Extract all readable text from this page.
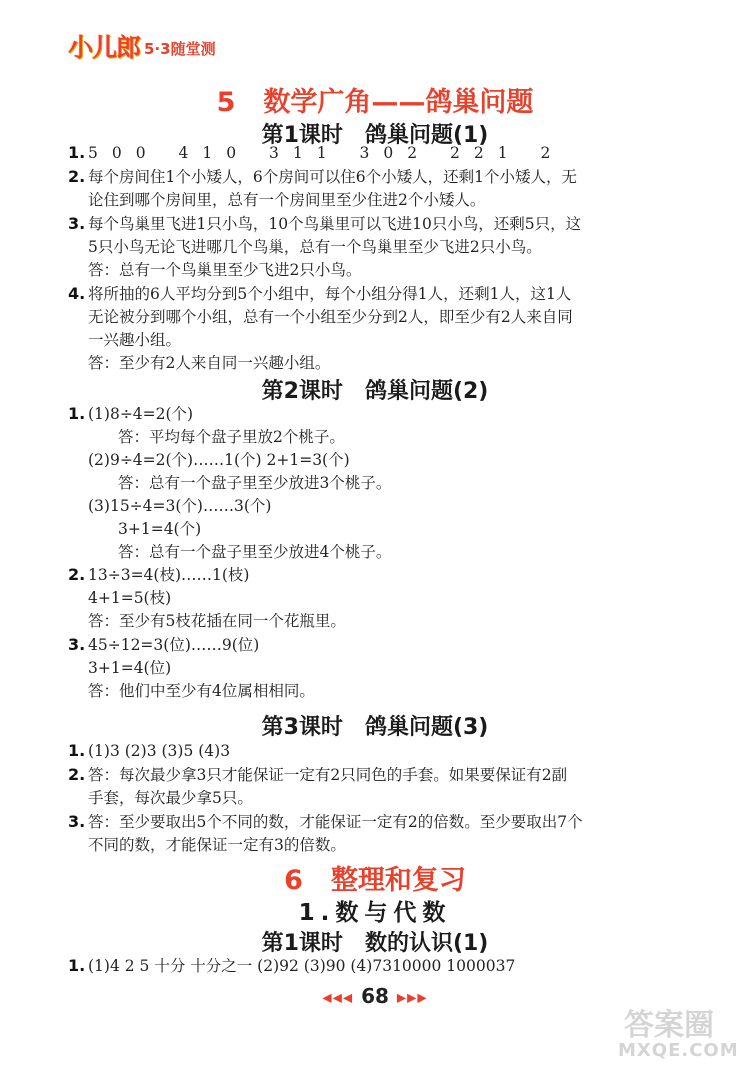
小儿郎 5·3随堂测
5 数学广角——鸽巢问题
第1课时 鸽巢问题(1)
1. 500 410 311 302 221 2
2. 每个房间住1个小矮人，6个房间可以住6个小矮人，还剩1个小矮人，无
论住到哪个房间里，总有一个房间里至少住进2个小矮人。
3. 每个鸟巢里飞进1只小鸟，10个鸟巢里可以飞进10只小鸟，还剩5只，这
5只小鸟无论飞进哪几个鸟巢，总有一个鸟巢里至少飞进2只小鸟。
答：总有一个鸟巢里至少飞进2只小鸟。
4. 将所抽的6人平均分到5个小组中，每个小组分得1人，还剩1人，这1人
无论被分到哪个小组，总有一个小组至少分到2人，即至少有2人来自同
一兴趣小组。
答：至少有2人来自同一兴趣小组。
第2课时 鸽巢问题(2)
1. (1)8÷4=2(个)
答：平均每个盘子里放2个桃子。
(2)9÷4=2(个)……1(个) 2+1=3(个)
答：总有一个盘子里至少放进3个桃子。
(3)15÷4=3(个)……3(个)
3+1=4(个)
答：总有一个盘子里至少放进4个桃子。
2. 13÷3=4(枝)……1(枝)
4+1=5(枝)
答：至少有5枝花插在同一个花瓶里。
3. 45÷12=3(位)……9(位)
3+1=4(位)
答：他们中至少有4位属相相同。
第3课时 鸽巢问题(3)
1. (1)3 (2)3 (3)5 (4)3
2. 答：每次最少拿3只才能保证一定有2只同色的手套。如果要保证有2副
手套，每次最少拿5只。
3. 答：至少要取出5个不同的数，才能保证一定有2的倍数。至少要取出7个
不同的数，才能保证一定有3的倍数。
6 整理和复习
1.数与代数
第1课时 数的认识(1)
1. (1)4 2 5 十分 十分之一 (2)92 (3)90 (4)7310000 1000037
◀◀◀ 68 ▶▶▶
答案圈
MXQE.COM
